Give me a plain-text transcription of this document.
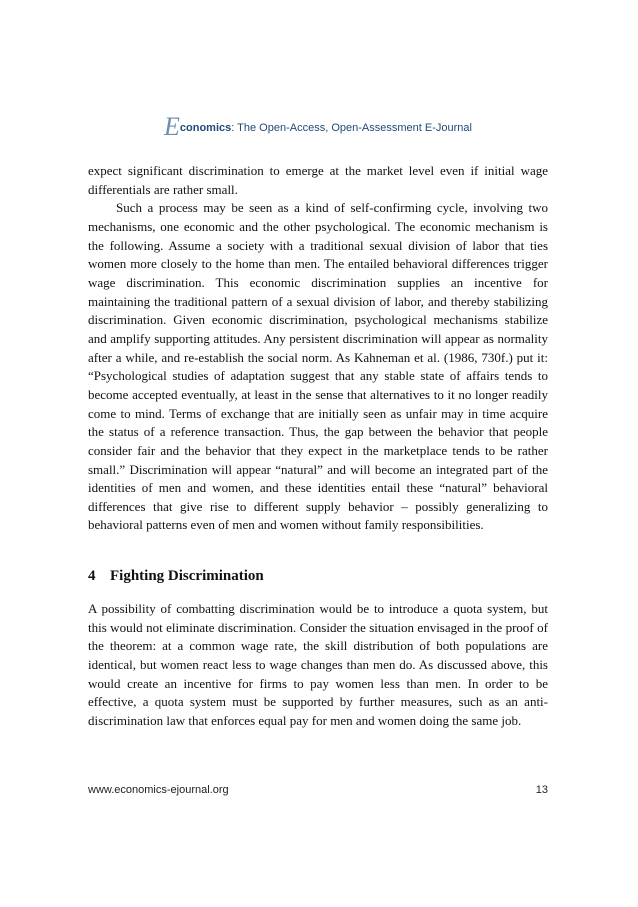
Economics: The Open-Access, Open-Assessment E-Journal

expect significant discrimination to emerge at the market level even if initial wage differentials are rather small.

Such a process may be seen as a kind of self-confirming cycle, involving two mechanisms, one economic and the other psychological. The economic mechanism is the following. Assume a society with a traditional sexual division of labor that ties women more closely to the home than men. The entailed behavioral differences trigger wage discrimination. This economic discrimination supplies an incentive for maintaining the traditional pattern of a sexual division of labor, and thereby stabilizing discrimination. Given economic discrimination, psychological mechanisms stabilize and amplify supporting attitudes. Any persistent discrimination will appear as normality after a while, and re-establish the social norm. As Kahneman et al. (1986, 730f.) put it: “Psychological studies of adaptation suggest that any stable state of affairs tends to become accepted eventually, at least in the sense that alternatives to it no longer readily come to mind. Terms of exchange that are initially seen as unfair may in time acquire the status of a reference transaction. Thus, the gap between the behavior that people consider fair and the behavior that they expect in the marketplace tends to be rather small.” Discrimination will appear “natural” and will become an integrated part of the identities of men and women, and these identities entail these “natural” behavioral differences that give rise to different supply behavior – possibly generalizing to behavioral patterns even of men and women without family responsibilities.

4 Fighting Discrimination

A possibility of combatting discrimination would be to introduce a quota system, but this would not eliminate discrimination. Consider the situation envisaged in the proof of the theorem: at a common wage rate, the skill distribution of both populations are identical, but women react less to wage changes than men do. As discussed above, this would create an incentive for firms to pay women less than men. In order to be effective, a quota system must be supported by further measures, such as an anti-discrimination law that enforces equal pay for men and women doing the same job.

www.economics-ejournal.org	13
